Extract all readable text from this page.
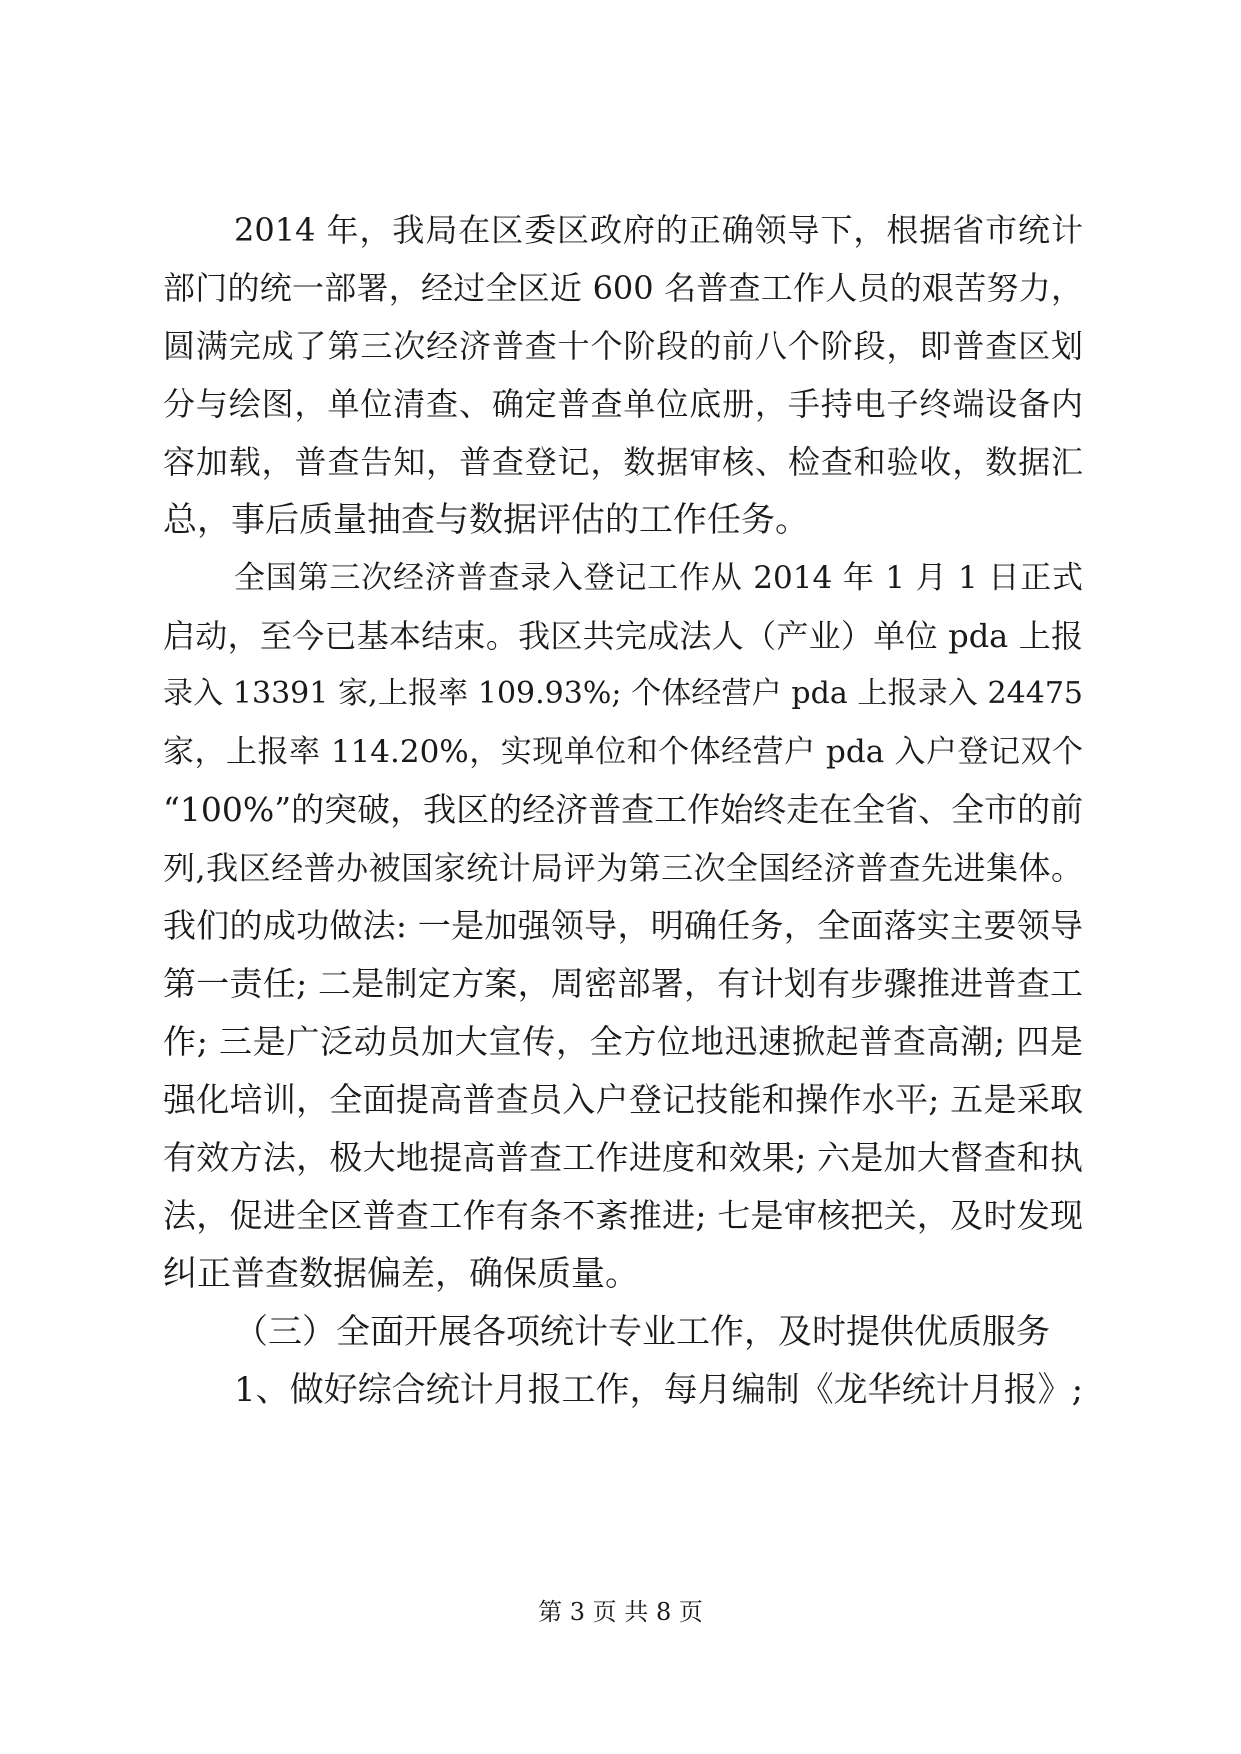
2014 年，我局在区委区政府的正确领导下，根据省市统计
部门的统一部署，经过全区近 600 名普查工作人员的艰苦努力，
圆满完成了第三次经济普查十个阶段的前八个阶段，即普查区划
分与绘图，单位清查、确定普查单位底册，手持电子终端设备内
容加载，普查告知，普查登记，数据审核、检查和验收，数据汇
总，事后质量抽查与数据评估的工作任务。
全国第三次经济普查录入登记工作从 2014 年 1 月 1 日正式
启动，至今已基本结束。我区共完成法人（产业）单位 pda 上报
录入 13391 家,上报率 109.93%; 个体经营户 pda 上报录入 24475
家，上报率 114.20%，实现单位和个体经营户 pda 入户登记双个
“100%”的突破，我区的经济普查工作始终走在全省、全市的前
列,我区经普办被国家统计局评为第三次全国经济普查先进集体。
我们的成功做法: 一是加强领导，明确任务，全面落实主要领导
第一责任; 二是制定方案，周密部署，有计划有步骤推进普查工
作; 三是广泛动员加大宣传，全方位地迅速掀起普查高潮; 四是
强化培训，全面提高普查员入户登记技能和操作水平; 五是采取
有效方法，极大地提高普查工作进度和效果; 六是加大督查和执
法，促进全区普查工作有条不紊推进; 七是审核把关，及时发现
纠正普查数据偏差，确保质量。
（三）全面开展各项统计专业工作，及时提供优质服务
1、做好综合统计月报工作，每月编制《龙华统计月报》;
第 3 页 共 8 页
